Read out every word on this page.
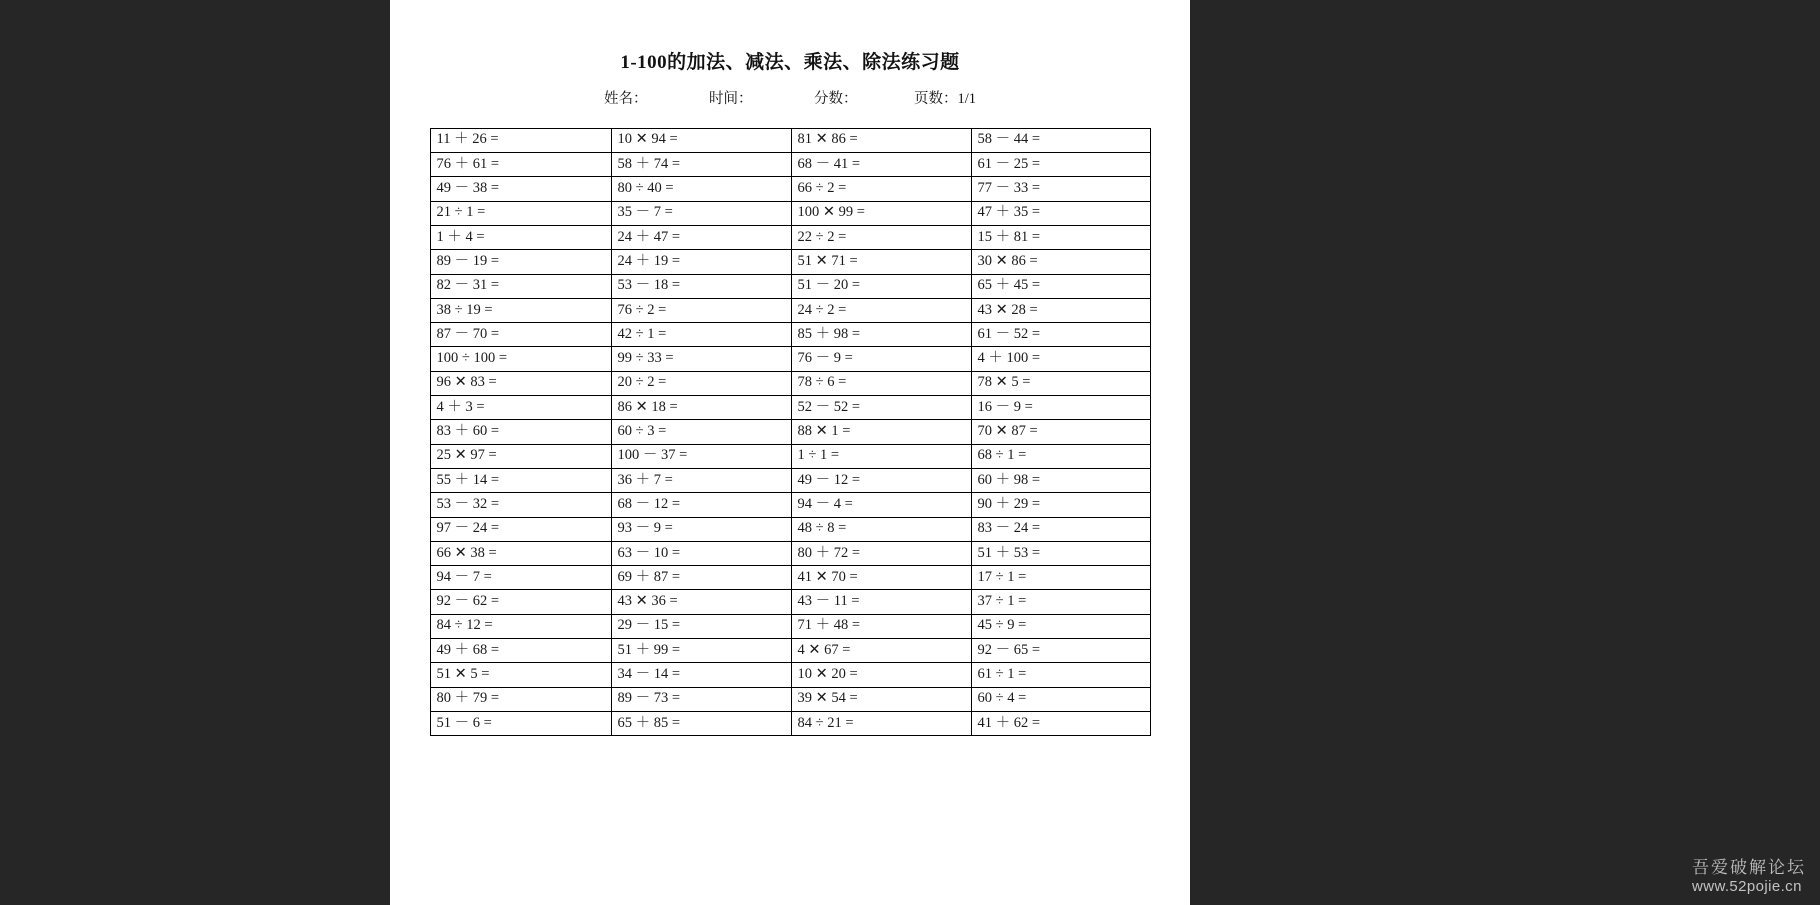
1-100的加法、减法、乘法、除法练习题
姓名：	时间：	分数：	页数：1/1
11 ＋ 26 =	10 ✕ 94 =	81 ✕ 86 =	58 － 44 =
76 ＋ 61 =	58 ＋ 74 =	68 － 41 =	61 － 25 =
49 － 38 =	80 ÷ 40 =	66 ÷ 2 =	77 － 33 =
21 ÷ 1 =	35 － 7 =	100 ✕ 99 =	47 ＋ 35 =
1 ＋ 4 =	24 ＋ 47 =	22 ÷ 2 =	15 ＋ 81 =
89 － 19 =	24 ＋ 19 =	51 ✕ 71 =	30 ✕ 86 =
82 － 31 =	53 － 18 =	51 － 20 =	65 ＋ 45 =
38 ÷ 19 =	76 ÷ 2 =	24 ÷ 2 =	43 ✕ 28 =
87 － 70 =	42 ÷ 1 =	85 ＋ 98 =	61 － 52 =
100 ÷ 100 =	99 ÷ 33 =	76 － 9 =	4 ＋ 100 =
96 ✕ 83 =	20 ÷ 2 =	78 ÷ 6 =	78 ✕ 5 =
4 ＋ 3 =	86 ✕ 18 =	52 － 52 =	16 － 9 =
83 ＋ 60 =	60 ÷ 3 =	88 ✕ 1 =	70 ✕ 87 =
25 ✕ 97 =	100 － 37 =	1 ÷ 1 =	68 ÷ 1 =
55 ＋ 14 =	36 ＋ 7 =	49 － 12 =	60 ＋ 98 =
53 － 32 =	68 － 12 =	94 － 4 =	90 ＋ 29 =
97 － 24 =	93 － 9 =	48 ÷ 8 =	83 － 24 =
66 ✕ 38 =	63 － 10 =	80 ＋ 72 =	51 ＋ 53 =
94 － 7 =	69 ＋ 87 =	41 ✕ 70 =	17 ÷ 1 =
92 － 62 =	43 ✕ 36 =	43 － 11 =	37 ÷ 1 =
84 ÷ 12 =	29 － 15 =	71 ＋ 48 =	45 ÷ 9 =
49 ＋ 68 =	51 ＋ 99 =	4 ✕ 67 =	92 － 65 =
51 ✕ 5 =	34 － 14 =	10 ✕ 20 =	61 ÷ 1 =
80 ＋ 79 =	89 － 73 =	39 ✕ 54 =	60 ÷ 4 =
51 － 6 =	65 ＋ 85 =	84 ÷ 21 =	41 ＋ 62 =
吾爱破解论坛
www.52pojie.cn
